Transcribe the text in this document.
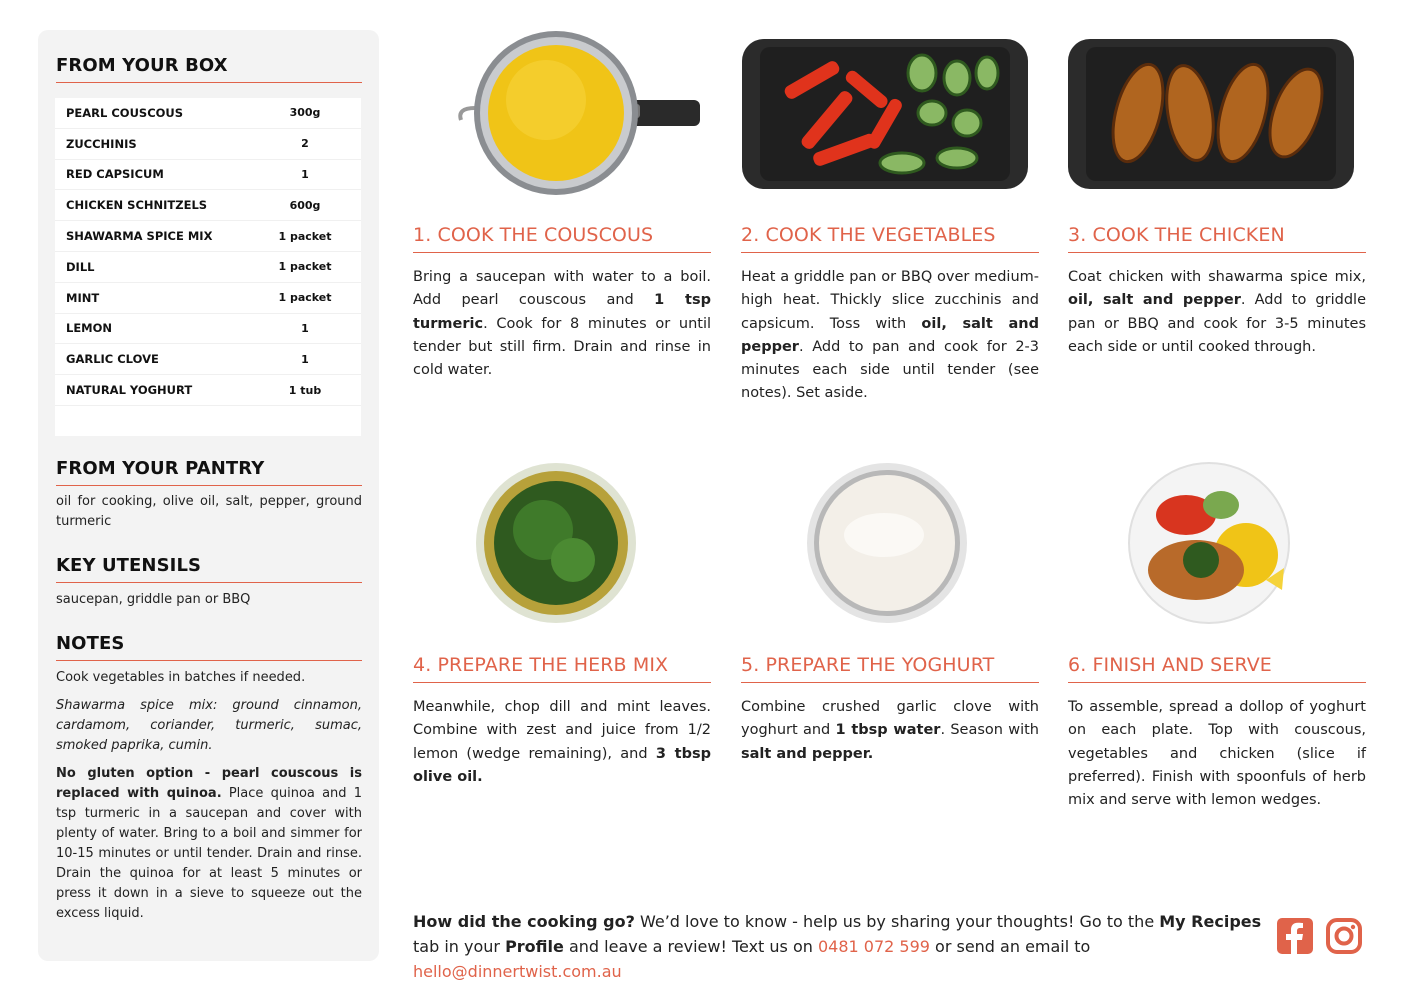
FROM YOUR BOX
PEARL COUSCOUS	300g
ZUCCHINIS	2
RED CAPSICUM	1
CHICKEN SCHNITZELS	600g
SHAWARMA SPICE MIX	1 packet
DILL	1 packet
MINT	1 packet
LEMON	1
GARLIC CLOVE	1
NATURAL YOGHURT	1 tub
FROM YOUR PANTRY
oil for cooking, olive oil, salt, pepper, ground turmeric
KEY UTENSILS
saucepan, griddle pan or BBQ
NOTES
Cook vegetables in batches if needed.
Shawarma spice mix: ground cinnamon, cardamom, coriander, turmeric, sumac, smoked paprika, cumin.
No gluten option - pearl couscous is replaced with quinoa. Place quinoa and 1 tsp turmeric in a saucepan and cover with plenty of water. Bring to a boil and simmer for 10-15 minutes or until tender. Drain and rinse. Drain the quinoa for at least 5 minutes or press it down in a sieve to squeeze out the excess liquid.
1. COOK THE COUSCOUS
Bring a saucepan with water to a boil. Add pearl couscous and 1 tsp turmeric. Cook for 8 minutes or until tender but still firm. Drain and rinse in cold water.
2. COOK THE VEGETABLES
Heat a griddle pan or BBQ over medium-high heat. Thickly slice zucchinis and capsicum. Toss with oil, salt and pepper. Add to pan and cook for 2-3 minutes each side until tender (see notes). Set aside.
3. COOK THE CHICKEN
Coat chicken with shawarma spice mix, oil, salt and pepper. Add to griddle pan or BBQ and cook for 3-5 minutes each side or until cooked through.
4. PREPARE THE HERB MIX
Meanwhile, chop dill and mint leaves. Combine with zest and juice from 1/2 lemon (wedge remaining), and 3 tbsp olive oil.
5. PREPARE THE YOGHURT
Combine crushed garlic clove with yoghurt and 1 tbsp water. Season with salt and pepper.
6. FINISH AND SERVE
To assemble, spread a dollop of yoghurt on each plate. Top with couscous, vegetables and chicken (slice if preferred). Finish with spoonfuls of herb mix and serve with lemon wedges.
How did the cooking go? We’d love to know - help us by sharing your thoughts! Go to the My Recipes tab in your Profile and leave a review! Text us on 0481 072 599 or send an email to hello@dinnertwist.com.au
